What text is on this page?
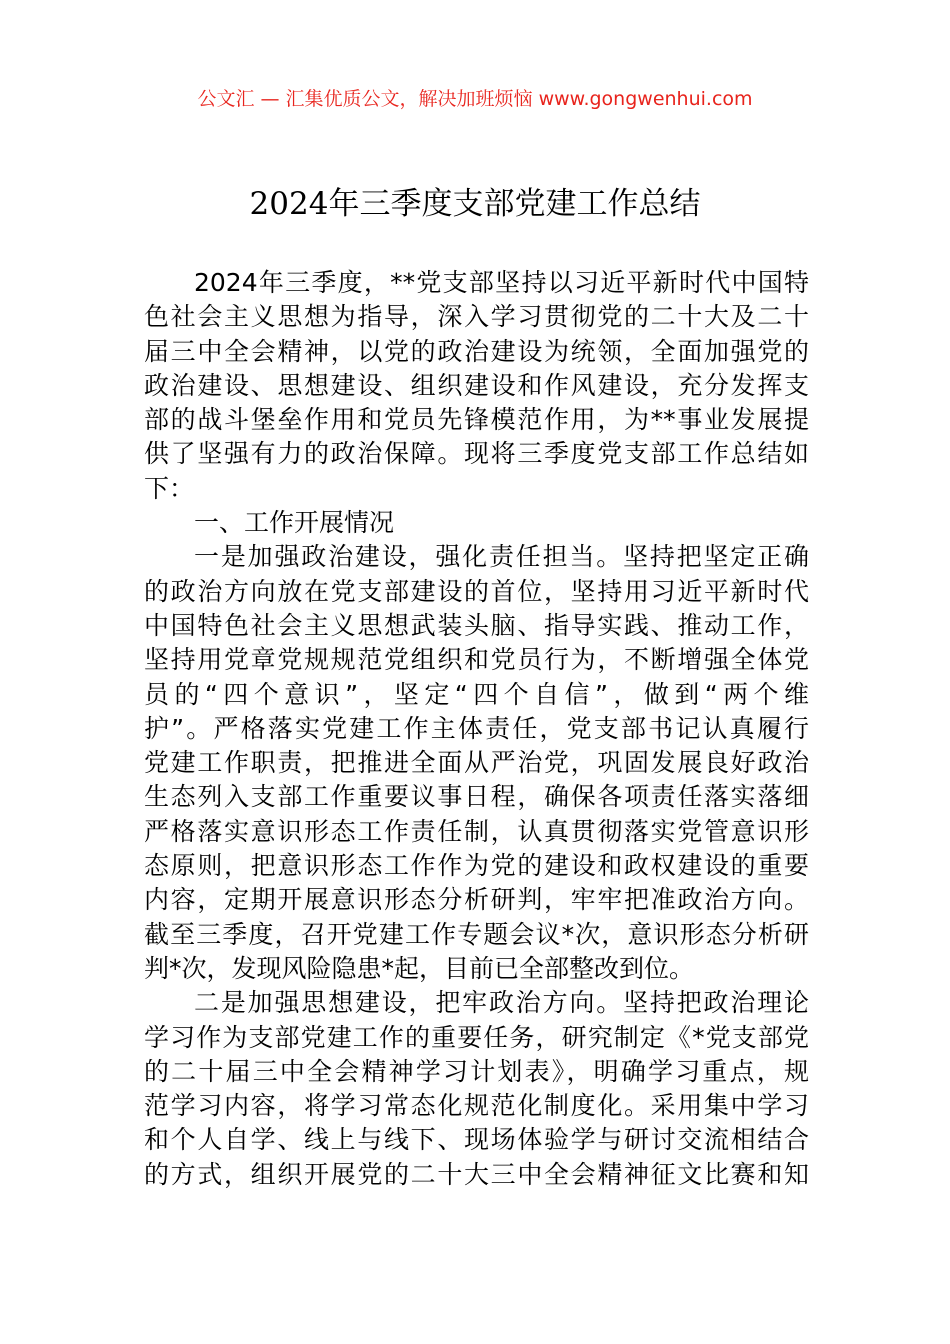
公文汇 — 汇集优质公文，解决加班烦恼 www.gongwenhui.com
2024年三季度支部党建工作总结
2024年三季度，**党支部坚持以习近平新时代中国特
色社会主义思想为指导，深入学习贯彻党的二十大及二十
届三中全会精神，以党的政治建设为统领，全面加强党的
政治建设、思想建设、组织建设和作风建设，充分发挥支
部的战斗堡垒作用和党员先锋模范作用，为**事业发展提
供了坚强有力的政治保障。现将三季度党支部工作总结如
下：
一、工作开展情况
一是加强政治建设，强化责任担当。坚持把坚定正确
的政治方向放在党支部建设的首位，坚持用习近平新时代
中国特色社会主义思想武装头脑、指导实践、推动工作，
坚持用党章党规规范党组织和党员行为，不断增强全体党
员的“四个意识”，坚定“四个自信”，做到“两个维
护”。严格落实党建工作主体责任，党支部书记认真履行
党建工作职责，把推进全面从严治党，巩固发展良好政治
生态列入支部工作重要议事日程，确保各项责任落实落细
严格落实意识形态工作责任制，认真贯彻落实党管意识形
态原则，把意识形态工作作为党的建设和政权建设的重要
内容，定期开展意识形态分析研判，牢牢把准政治方向。
截至三季度，召开党建工作专题会议*次，意识形态分析研
判*次，发现风险隐患*起，目前已全部整改到位。
二是加强思想建设，把牢政治方向。坚持把政治理论
学习作为支部党建工作的重要任务，研究制定《*党支部党
的二十届三中全会精神学习计划表》，明确学习重点，规
范学习内容，将学习常态化规范化制度化。采用集中学习
和个人自学、线上与线下、现场体验学与研讨交流相结合
的方式，组织开展党的二十大三中全会精神征文比赛和知
